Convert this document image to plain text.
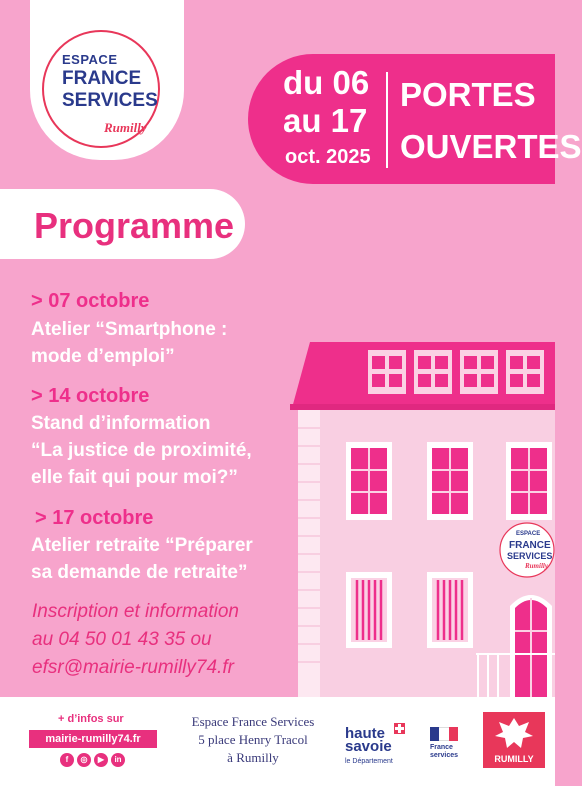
ESPACE
FRANCE
SERVICES
Rumilly
du 06
au 17
oct. 2025
PORTES
OUVERTES
Programme
ESPACE
FRANCE
SERVICES
Rumilly
> 07 octobre
Atelier “Smartphone :
mode d’emploi”
> 14 octobre
Stand d’information
“La justice de proximité,
elle fait qui pour moi?”
> 17 octobre
Atelier retraite “Préparer
sa demande de retraite”
Inscription et information
au 04 50 01 43 35 ou
efsr@mairie-rumilly74.fr
+ d’infos sur
mairie-rumilly74.fr
f	◎	▶	in
Espace France Services
5 place Henry Tracol
à Rumilly
haute
savoie
le Département
France services	RUMILLY
